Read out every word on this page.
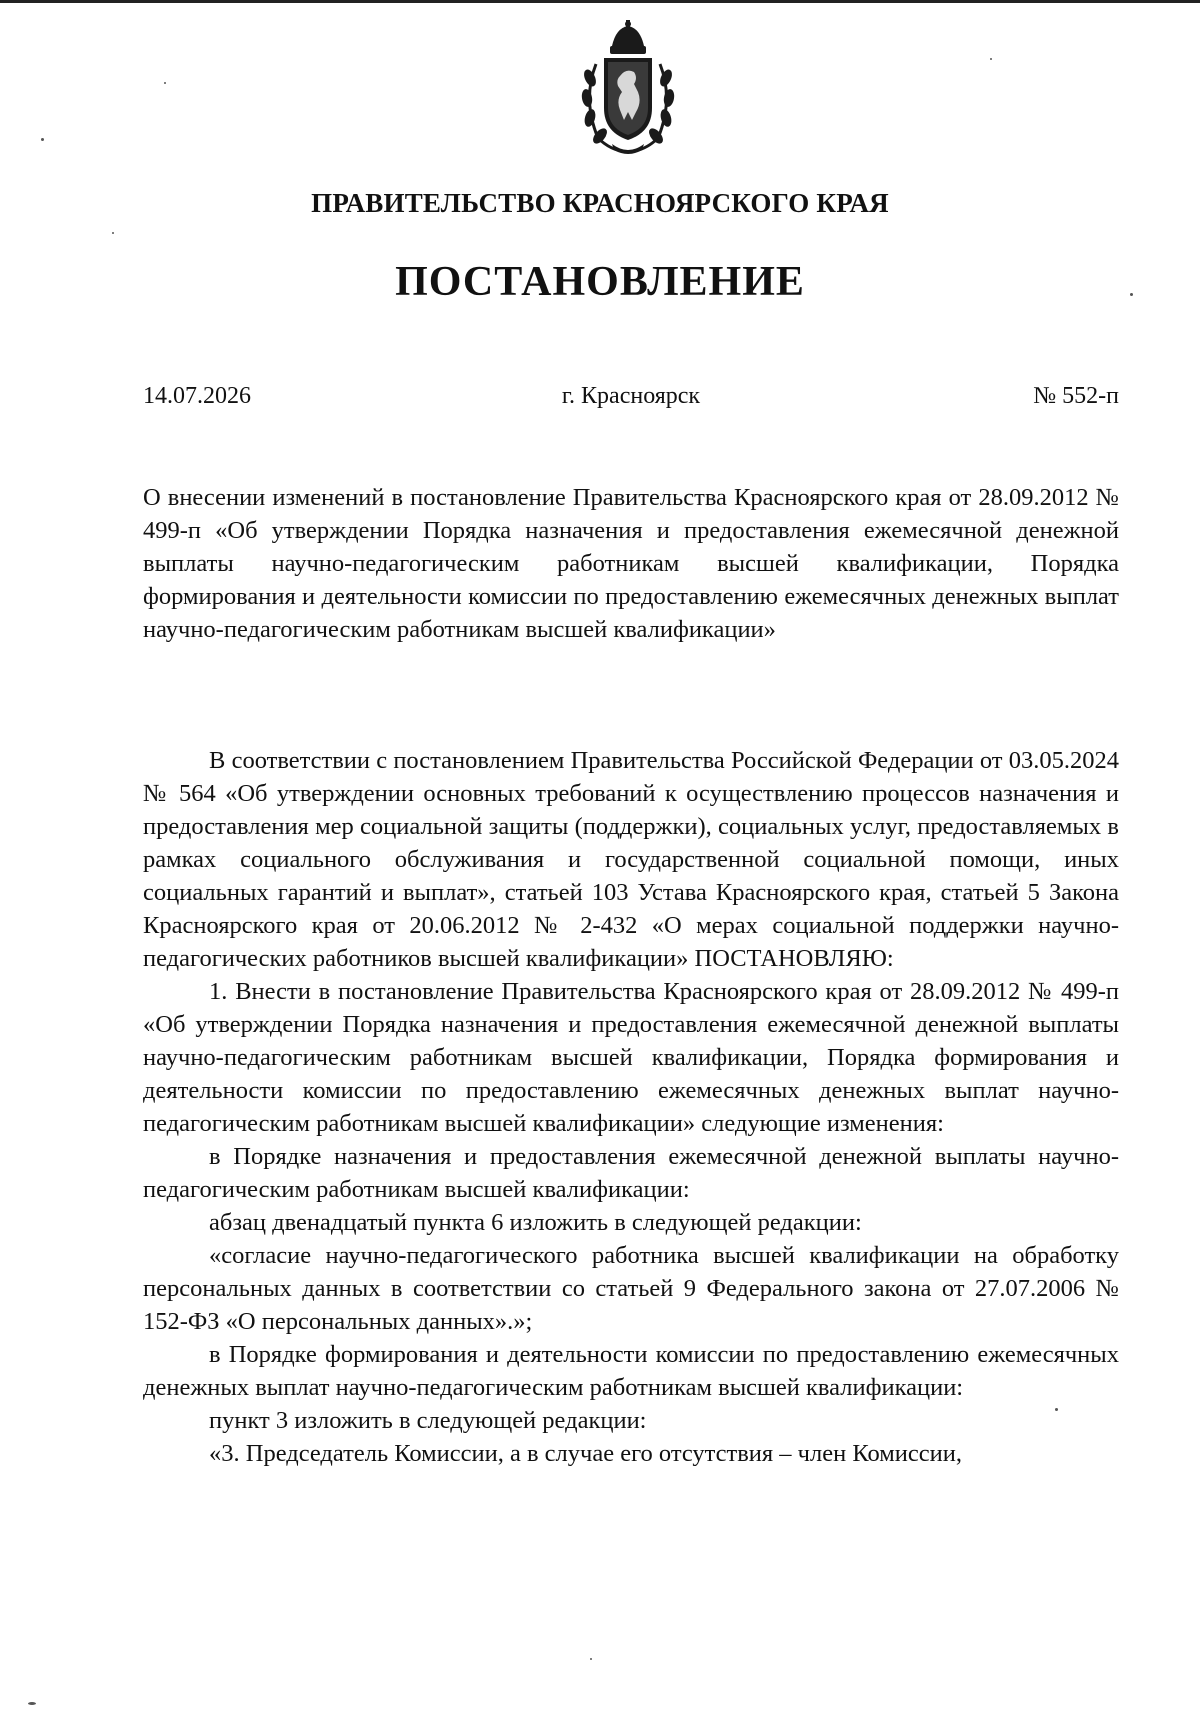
ПРАВИТЕЛЬСТВО КРАСНОЯРСКОГО КРАЯ
ПОСТАНОВЛЕНИЕ
14.07.2026	г. Красноярск	№ 552-п

О внесении изменений в постановление Правительства Красноярского края от 28.09.2012 № 499-п «Об утверждении Порядка назначения и предоставления ежемесячной денежной выплаты научно-педагогическим работникам высшей квалификации, Порядка формирования и деятельности комиссии по предоставлению ежемесячных денежных выплат научно-педагогическим работникам высшей квалификации»

В соответствии с постановлением Правительства Российской Федерации от 03.05.2024 № 564 «Об утверждении основных требований к осуществлению процессов назначения и предоставления мер социальной защиты (поддержки), социальных услуг, предоставляемых в рамках социального обслуживания и государственной социальной помощи, иных социальных гарантий и выплат», статьей 103 Устава Красноярского края, статьей 5 Закона Красноярского края от 20.06.2012 № 2-432 «О мерах социальной поддержки научно-педагогических работников высшей квалификации» ПОСТАНОВЛЯЮ:

1. Внести в постановление Правительства Красноярского края от 28.09.2012 № 499-п «Об утверждении Порядка назначения и предоставления ежемесячной денежной выплаты научно-педагогическим работникам высшей квалификации, Порядка формирования и деятельности комиссии по предоставлению ежемесячных денежных выплат научно-педагогическим работникам высшей квалификации» следующие изменения:

в Порядке назначения и предоставления ежемесячной денежной выплаты научно-педагогическим работникам высшей квалификации:

абзац двенадцатый пункта 6 изложить в следующей редакции:

«согласие научно-педагогического работника высшей квалификации на обработку персональных данных в соответствии со статьей 9 Федерального закона от 27.07.2006 № 152-ФЗ «О персональных данных».»;

в Порядке формирования и деятельности комиссии по предоставлению ежемесячных денежных выплат научно-педагогическим работникам высшей квалификации:

пункт 3 изложить в следующей редакции:

«3. Председатель Комиссии, а в случае его отсутствия – член Комиссии,
